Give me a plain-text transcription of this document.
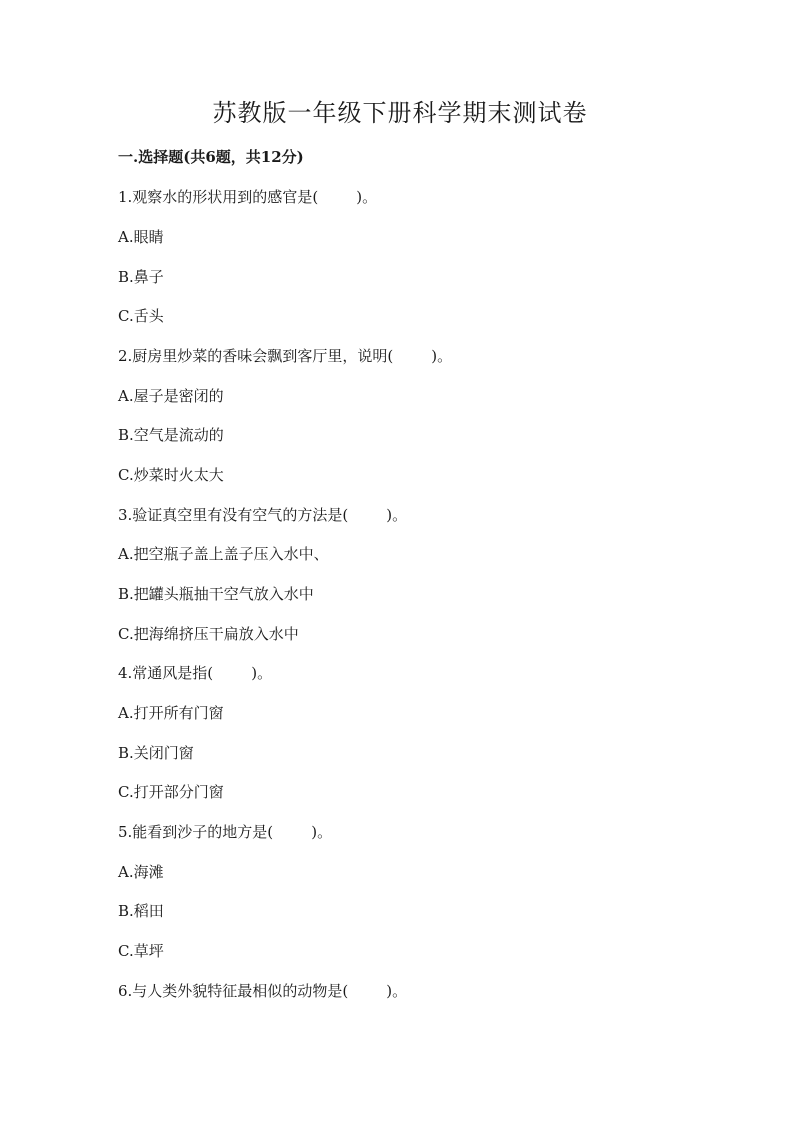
苏教版一年级下册科学期末测试卷
一.选择题(共6题，共12分)
1.观察水的形状用到的感官是(        )。
A.眼睛
B.鼻子
C.舌头
2.厨房里炒菜的香味会飘到客厅里，说明(        )。
A.屋子是密闭的
B.空气是流动的
C.炒菜时火太大
3.验证真空里有没有空气的方法是(        )。
A.把空瓶子盖上盖子压入水中、
B.把罐头瓶抽干空气放入水中
C.把海绵挤压干扁放入水中
4.常通风是指(        )。
A.打开所有门窗
B.关闭门窗
C.打开部分门窗
5.能看到沙子的地方是(        )。
A.海滩
B.稻田
C.草坪
6.与人类外貌特征最相似的动物是(        )。
